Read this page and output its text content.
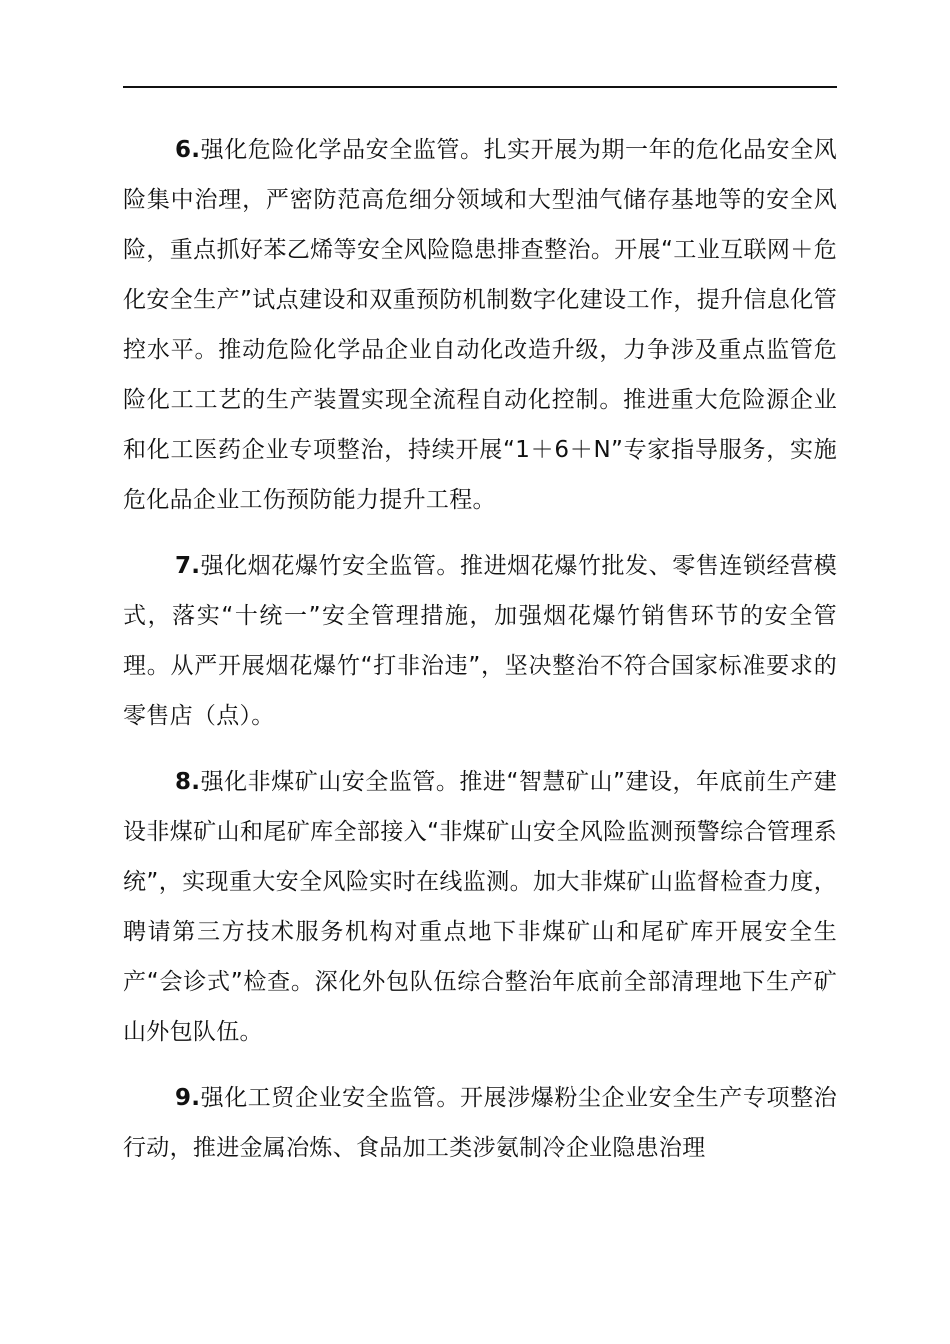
6.强化危险化学品安全监管。扎实开展为期一年的危化品安全风险集中治理，严密防范高危细分领域和大型油气储存基地等的安全风险，重点抓好苯乙烯等安全风险隐患排查整治。开展“工业互联网＋危化安全生产”试点建设和双重预防机制数字化建设工作，提升信息化管控水平。推动危险化学品企业自动化改造升级，力争涉及重点监管危险化工工艺的生产装置实现全流程自动化控制。推进重大危险源企业和化工医药企业专项整治，持续开展“1＋6＋N”专家指导服务，实施危化品企业工伤预防能力提升工程。

7.强化烟花爆竹安全监管。推进烟花爆竹批发、零售连锁经营模式，落实“十统一”安全管理措施，加强烟花爆竹销售环节的安全管理。从严开展烟花爆竹“打非治违”，坚决整治不符合国家标准要求的零售店（点）。

8.强化非煤矿山安全监管。推进“智慧矿山”建设，年底前生产建设非煤矿山和尾矿库全部接入“非煤矿山安全风险监测预警综合管理系统”，实现重大安全风险实时在线监测。加大非煤矿山监督检查力度，聘请第三方技术服务机构对重点地下非煤矿山和尾矿库开展安全生产“会诊式”检查。深化外包队伍综合整治年底前全部清理地下生产矿山外包队伍。

9.强化工贸企业安全监管。开展涉爆粉尘企业安全生产专项整治行动，推进金属冶炼、食品加工类涉氨制冷企业隐患治理
